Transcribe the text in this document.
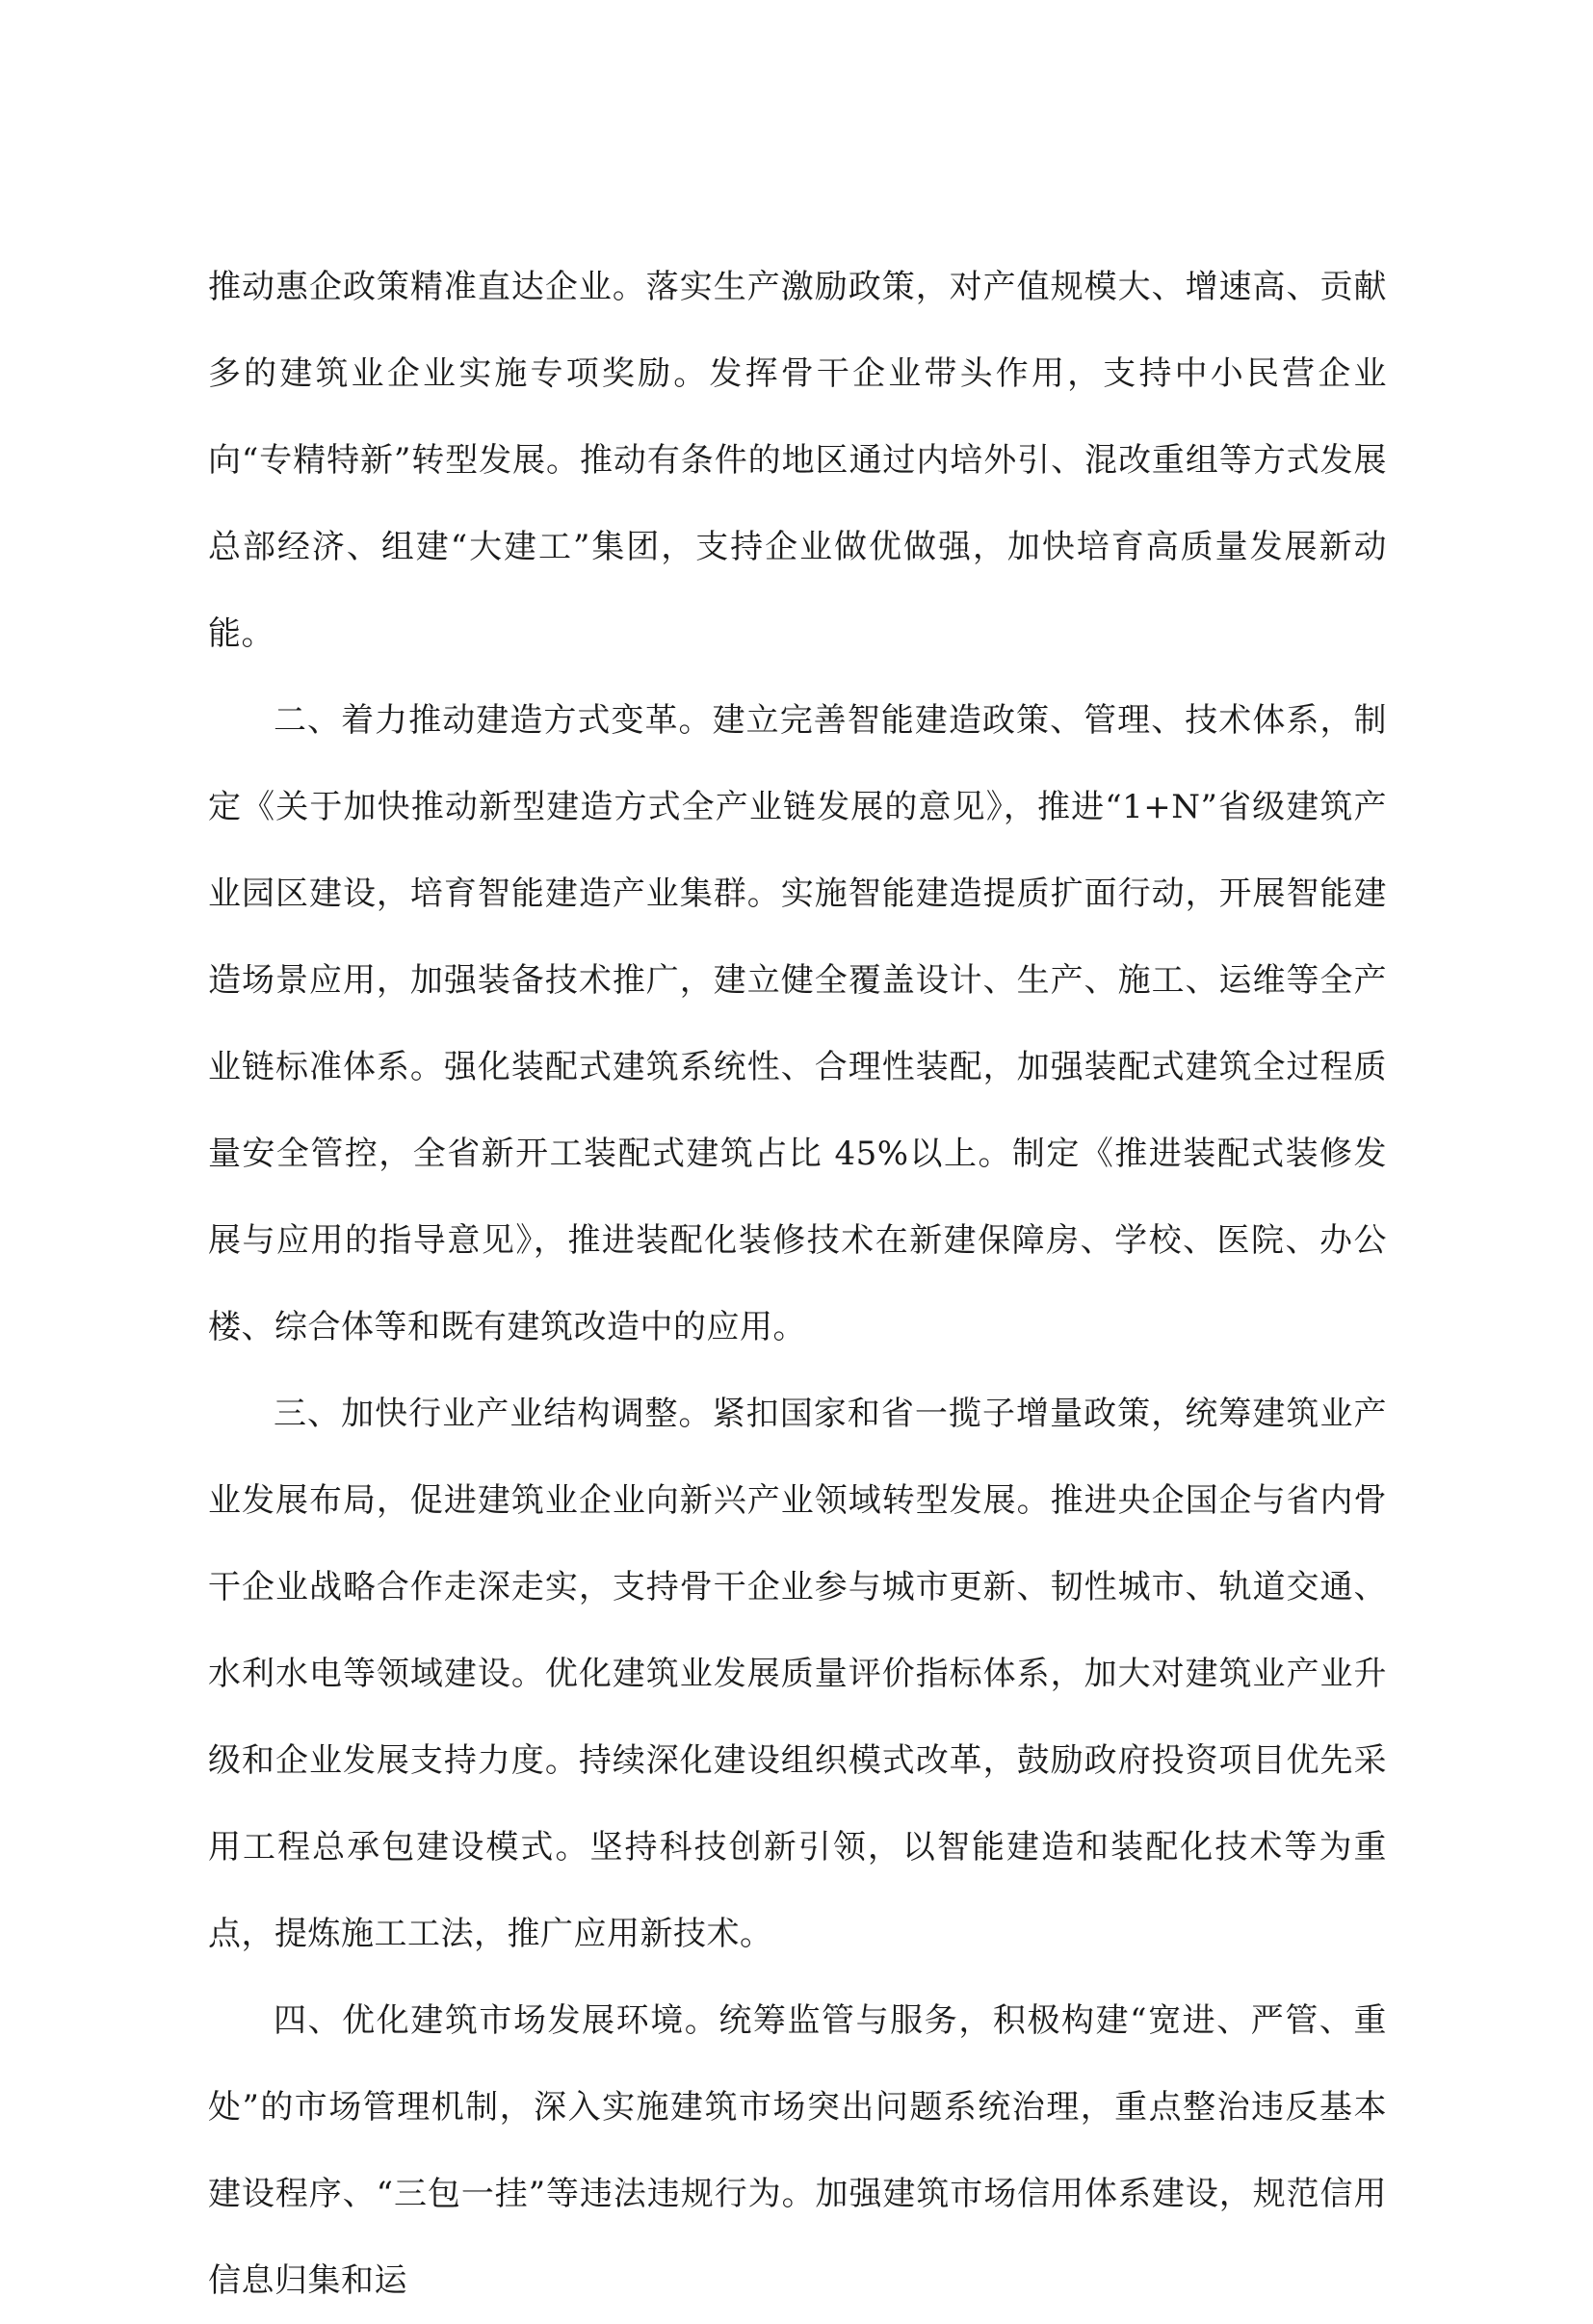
推动惠企政策精准直达企业。落实生产激励政策，对产值规模大、增速高、贡献多的建筑业企业实施专项奖励。发挥骨干企业带头作用，支持中小民营企业向“专精特新”转型发展。推动有条件的地区通过内培外引、混改重组等方式发展总部经济、组建“大建工”集团，支持企业做优做强，加快培育高质量发展新动能。

二、着力推动建造方式变革。建立完善智能建造政策、管理、技术体系，制定《关于加快推动新型建造方式全产业链发展的意见》，推进“1+N”省级建筑产业园区建设，培育智能建造产业集群。实施智能建造提质扩面行动，开展智能建造场景应用，加强装备技术推广，建立健全覆盖设计、生产、施工、运维等全产业链标准体系。强化装配式建筑系统性、合理性装配，加强装配式建筑全过程质量安全管控，全省新开工装配式建筑占比 45%以上。制定《推进装配式装修发展与应用的指导意见》，推进装配化装修技术在新建保障房、学校、医院、办公楼、综合体等和既有建筑改造中的应用。

三、加快行业产业结构调整。紧扣国家和省一揽子增量政策，统筹建筑业产业发展布局，促进建筑业企业向新兴产业领域转型发展。推进央企国企与省内骨干企业战略合作走深走实，支持骨干企业参与城市更新、韧性城市、轨道交通、水利水电等领域建设。优化建筑业发展质量评价指标体系，加大对建筑业产业升级和企业发展支持力度。持续深化建设组织模式改革，鼓励政府投资项目优先采用工程总承包建设模式。坚持科技创新引领，以智能建造和装配化技术等为重点，提炼施工工法，推广应用新技术。

四、优化建筑市场发展环境。统筹监管与服务，积极构建“宽进、严管、重处”的市场管理机制，深入实施建筑市场突出问题系统治理，重点整治违反基本建设程序、“三包一挂”等违法违规行为。加强建筑市场信用体系建设，规范信用信息归集和运
